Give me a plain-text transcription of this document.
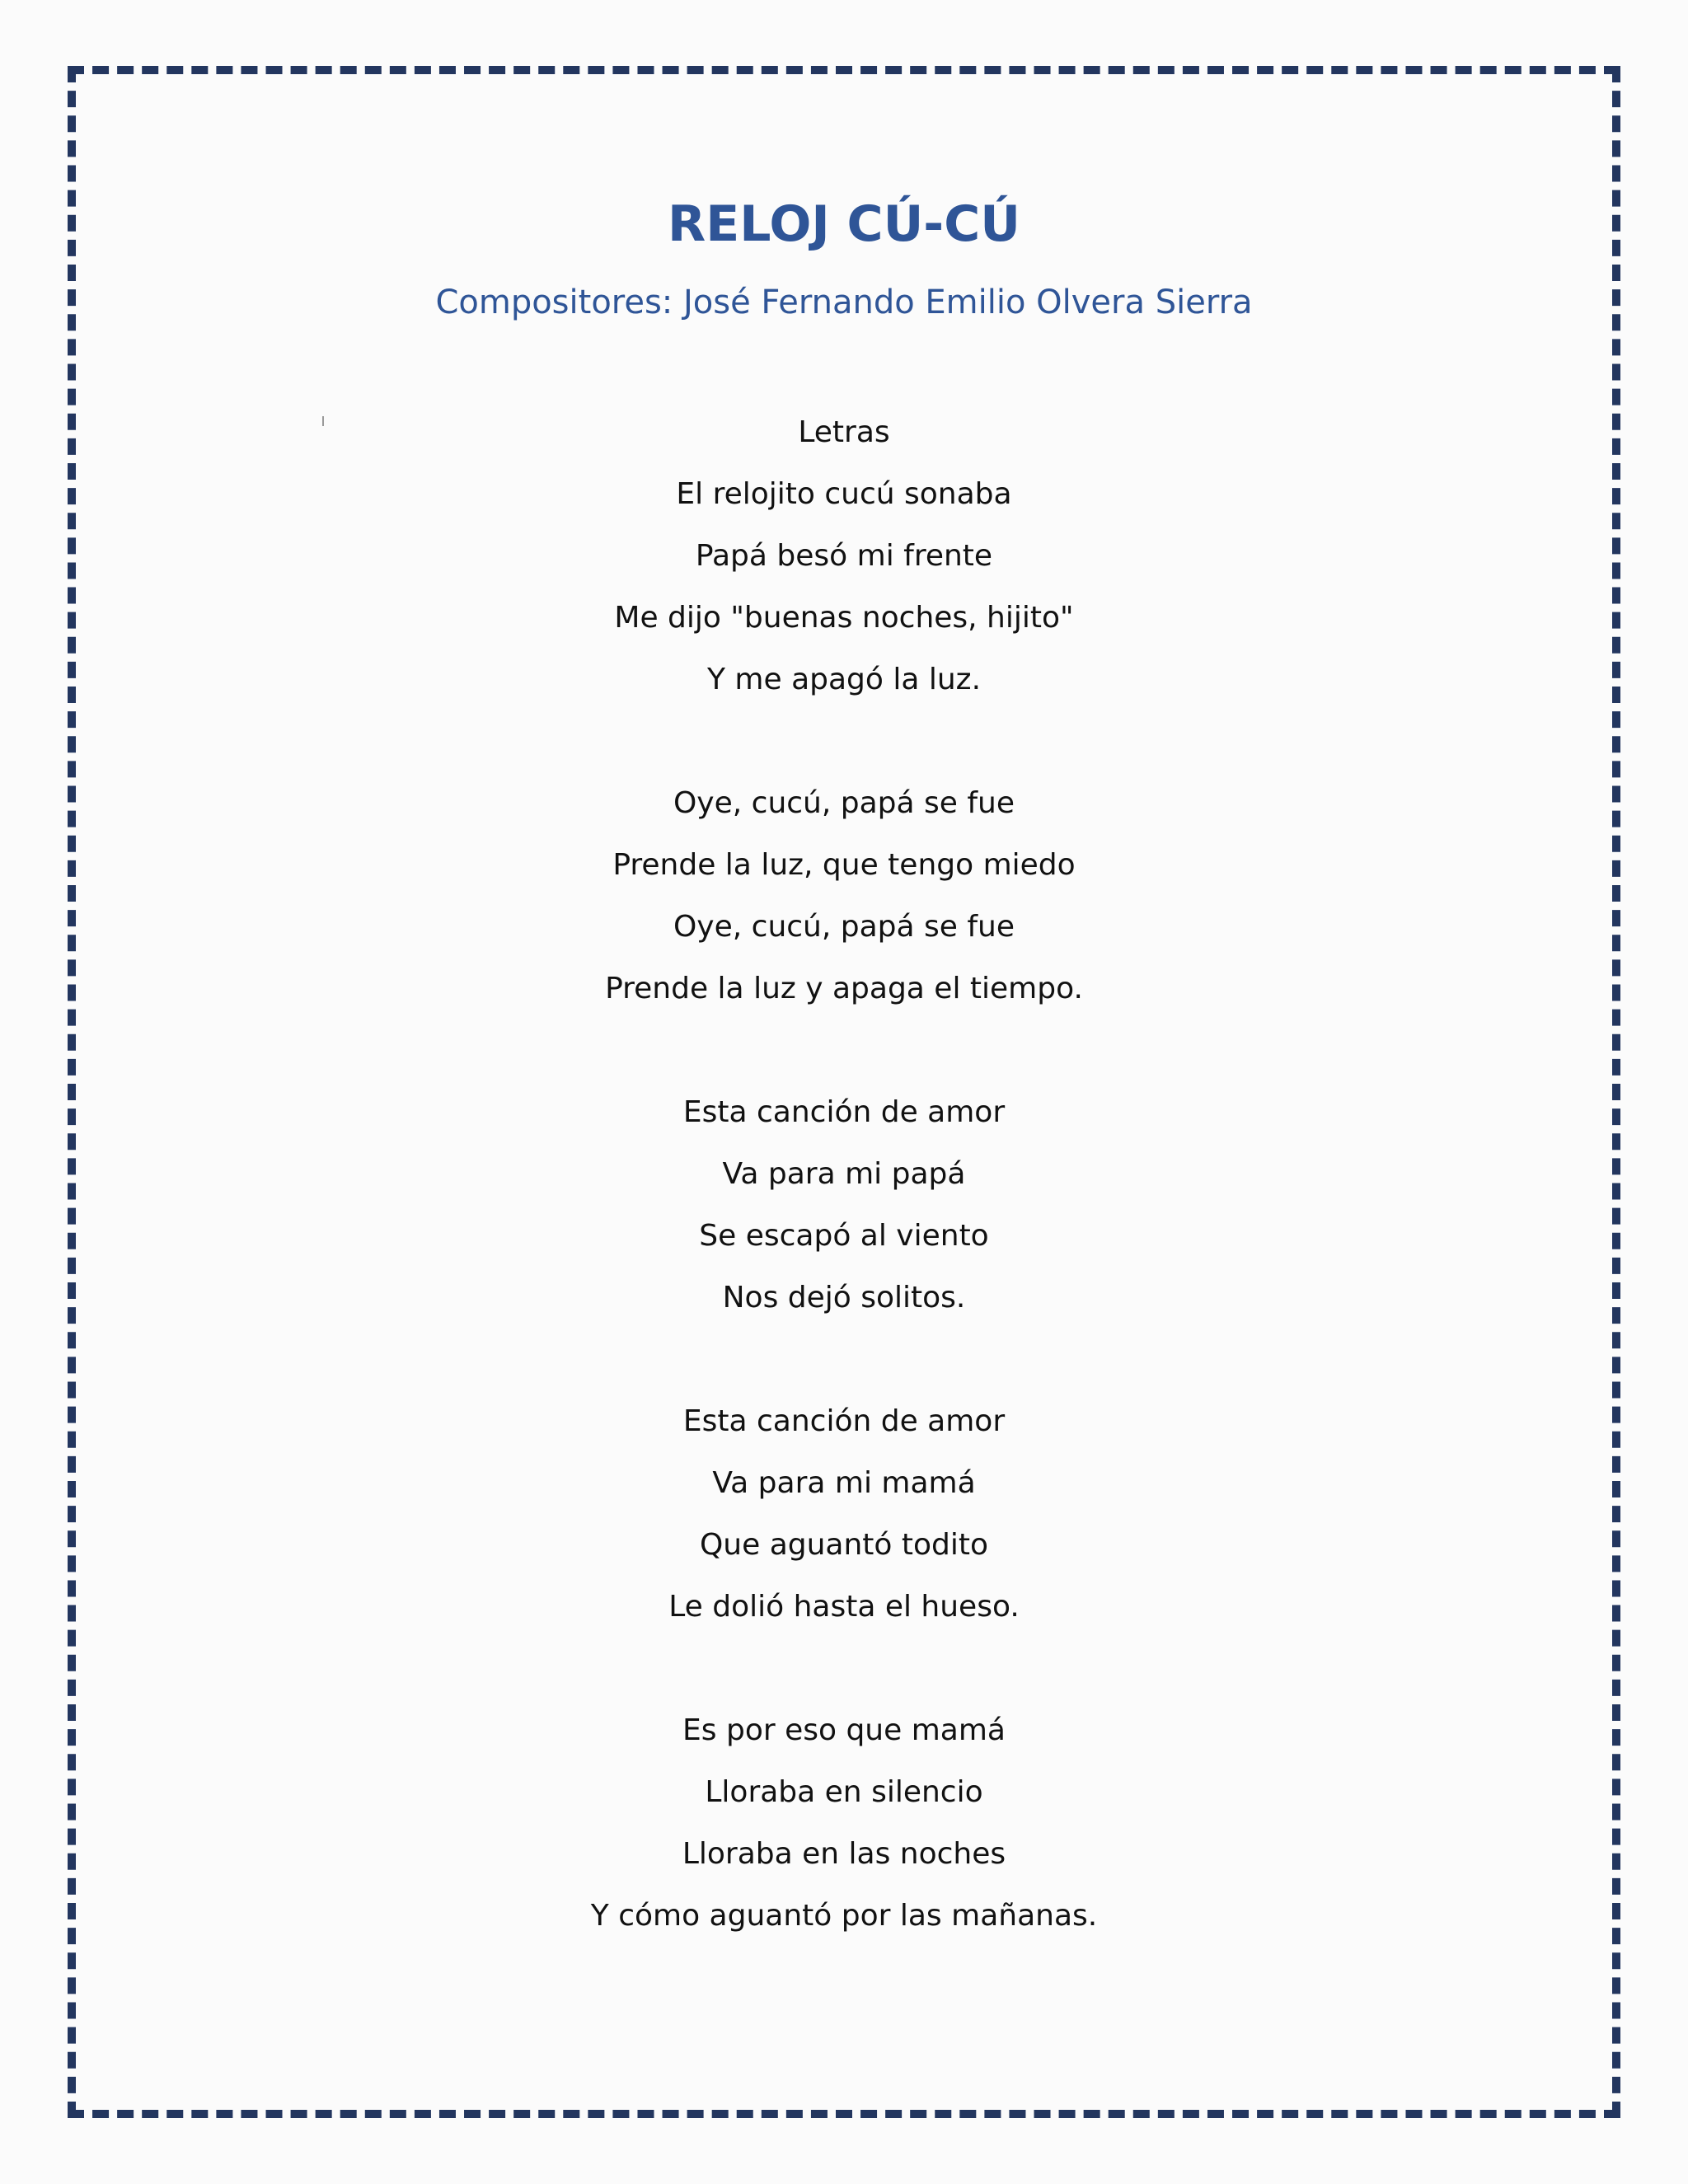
RELOJ CÚ-CÚ

Compositores: José Fernando Emilio Olvera Sierra

Letras
El relojito cucú sonaba
Papá besó mi frente
Me dijo "buenas noches, hijito"
Y me apagó la luz.
Oye, cucú, papá se fue
Prende la luz, que tengo miedo
Oye, cucú, papá se fue
Prende la luz y apaga el tiempo.
Esta canción de amor
Va para mi papá
Se escapó al viento
Nos dejó solitos.
Esta canción de amor
Va para mi mamá
Que aguantó todito
Le dolió hasta el hueso.
Es por eso que mamá
Lloraba en silencio
Lloraba en las noches
Y cómo aguantó por las mañanas.
